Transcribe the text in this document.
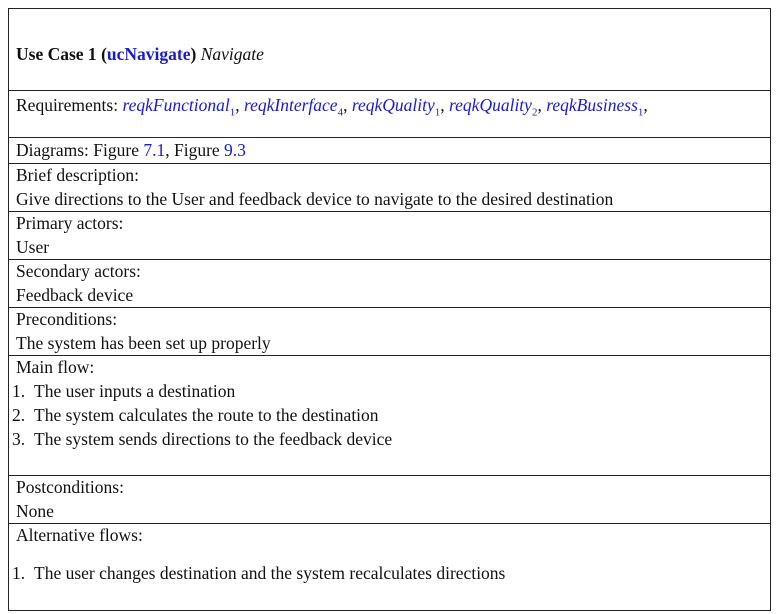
Use Case 1 (ucNavigate) Navigate
Requirements: reqkFunctional$_1$, reqkInterface$_4$, reqkQuality$_1$, reqkQuality$_2$, reqkBusiness$_1$,
Diagrams: Figure 7.1, Figure 9.3
Brief description:
Give directions to the User and feedback device to navigate to the desired destination
Primary actors:
User
Secondary actors:
Feedback device
Preconditions:
The system has been set up properly
Main flow:
1. The user inputs a destination
2. The system calculates the route to the destination
3. The system sends directions to the feedback device
Postconditions:
None
Alternative flows:
1. The user changes destination and the system recalculates directions
